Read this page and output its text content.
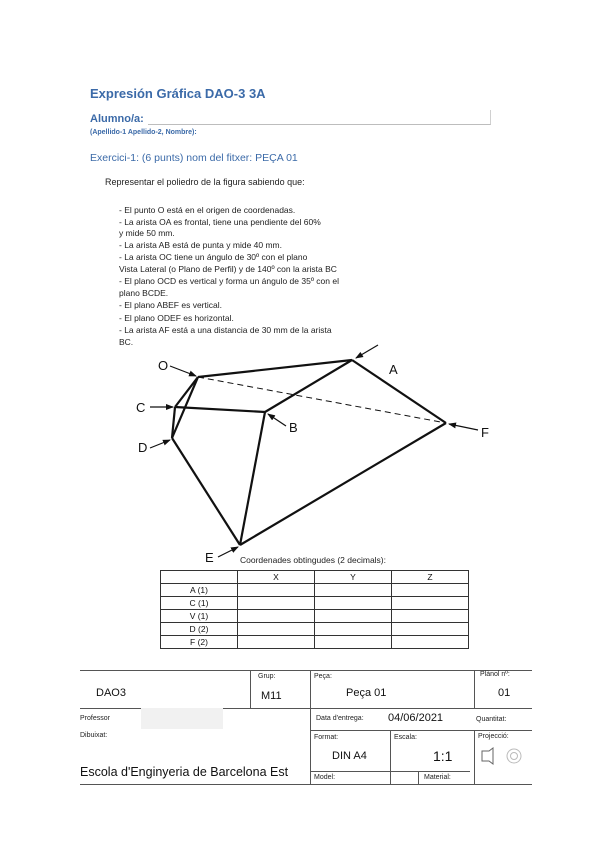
Expresión Gráfica DAO-3 3A
Alumno/a:
(Apellido-1 Apellido-2, Nombre):
Exercici-1: (6 punts) nom del fitxer: PEÇA 01
Representar el poliedro de la figura sabiendo que:
- El punto O está en el origen de coordenadas.
- La arista OA es frontal, tiene una pendiente del 60%
y mide 50 mm.
- La arista AB está de punta y mide 40 mm.
- La arista OC tiene un ángulo de 30º con el plano
Vista Lateral (o Plano de Perfil) y de 140º con la arista BC
- El plano OCD es vertical y forma un ángulo de 35º con el
plano BCDE.
- El plano ABEF es vertical.
- El plano ODEF es horizontal.
- La arista AF está a una distancia de 30 mm de la arista
BC.
O	A
C
D
B	F
E	Coordenades obtingudes (2 decimals):
	X	Y	Z
A (1)			
C (1)			
V (1)			
D (2)			
F (2)			
DAO3
Grup:
M11
Peça:
Peça 01
Plànol nº:
01
Professor	Data d'entrega: 04/06/2021	Quantitat:
Dibuixat:	Format:
DIN A4
Escala:
1:1
Projecció:
Escola d'Enginyeria de Barcelona Est	Model:	Material:
